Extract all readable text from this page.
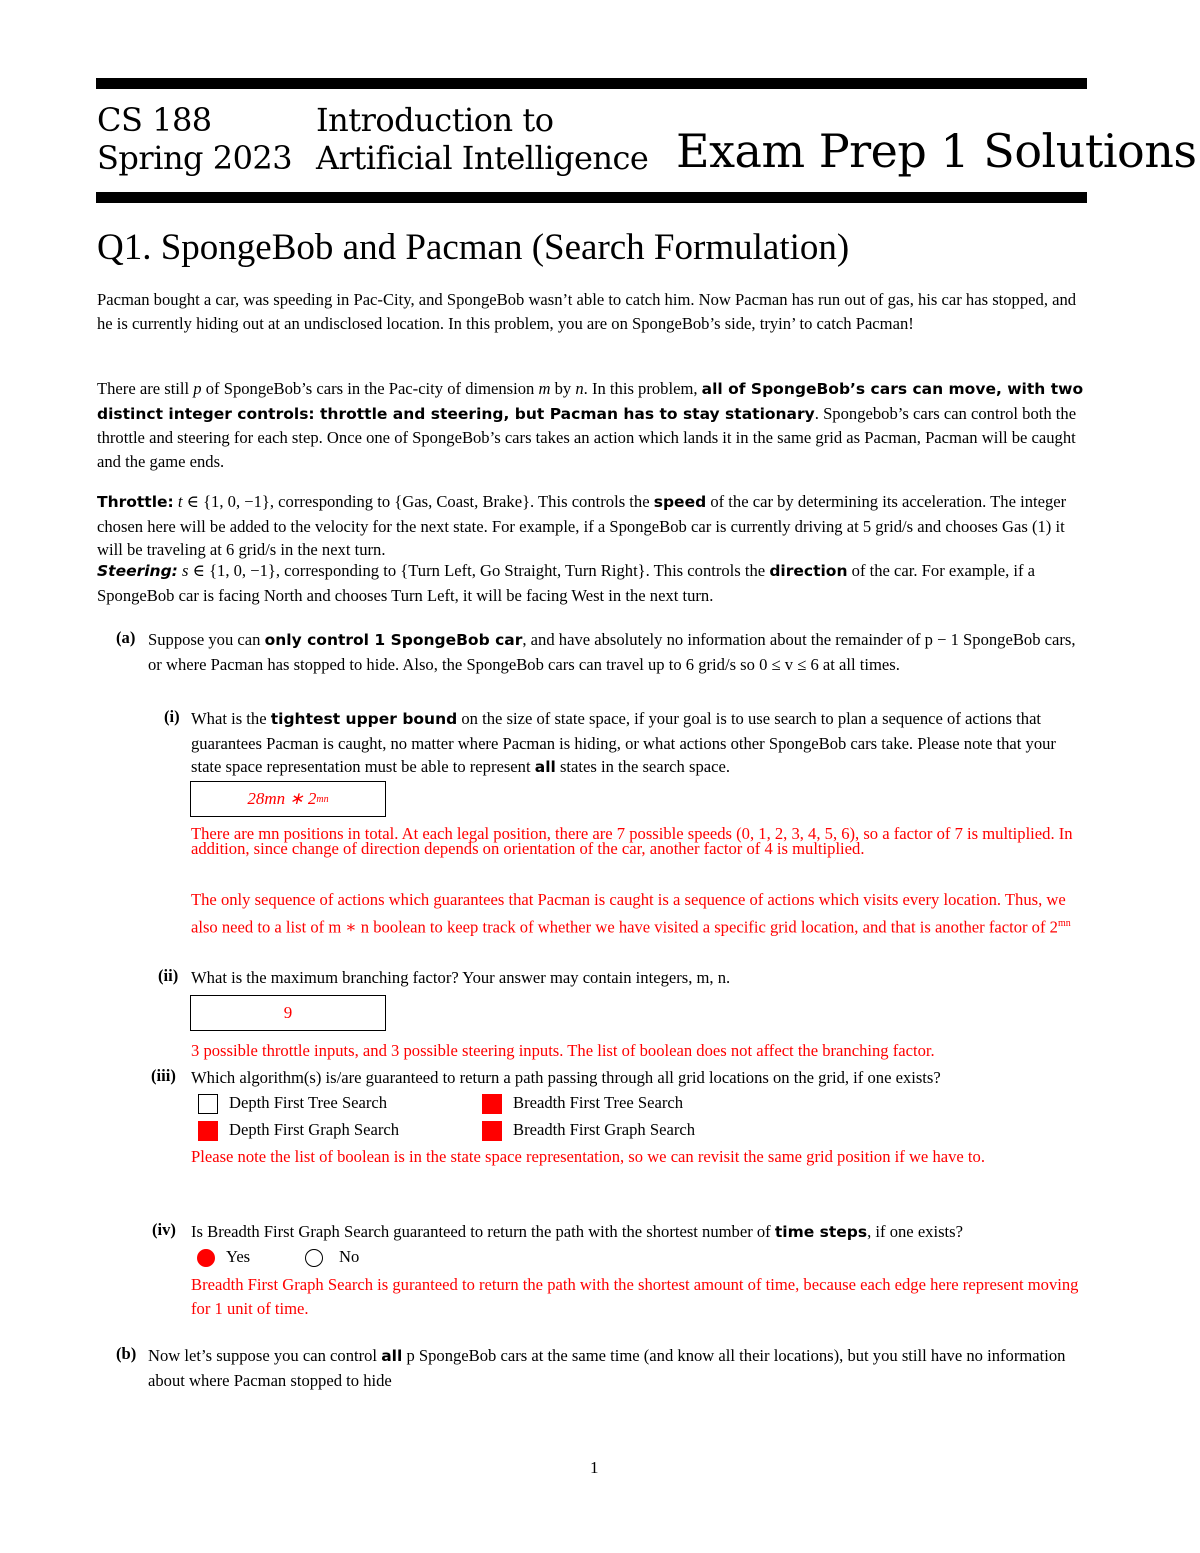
CS 188
Spring 2023
Introduction to
Artificial Intelligence Exam Prep 1 Solutions
Q1. SpongeBob and Pacman (Search Formulation)
Pacman bought a car, was speeding in Pac-City, and SpongeBob wasn’t able to catch him. Now Pacman has run out of gas, his car has stopped, and he is currently hiding out at an undisclosed location. In this problem, you are on SpongeBob’s side, tryin’ to catch Pacman!
There are still p of SpongeBob’s cars in the Pac-city of dimension m by n. In this problem, all of SpongeBob’s cars can move, with two distinct integer controls: throttle and steering, but Pacman has to stay stationary. Spongebob’s cars can control both the throttle and steering for each step. Once one of SpongeBob’s cars takes an action which lands it in the same grid as Pacman, Pacman will be caught and the game ends.
Throttle: t ∈ {1, 0, −1}, corresponding to {Gas, Coast, Brake}. This controls the speed of the car by determining its acceleration. The integer chosen here will be added to the velocity for the next state. For example, if a SpongeBob car is currently driving at 5 grid/s and chooses Gas (1) it will be traveling at 6 grid/s in the next turn.
Steering: s ∈ {1, 0, −1}, corresponding to {Turn Left, Go Straight, Turn Right}. This controls the direction of the car. For example, if a SpongeBob car is facing North and chooses Turn Left, it will be facing West in the next turn.
(a) Suppose you can only control 1 SpongeBob car, and have absolutely no information about the remainder of p − 1 SpongeBob cars, or where Pacman has stopped to hide. Also, the SpongeBob cars can travel up to 6 grid/s so 0 ≤ v ≤ 6 at all times.
(i) What is the tightest upper bound on the size of state space, if your goal is to use search to plan a sequence of actions that guarantees Pacman is caught, no matter where Pacman is hiding, or what actions other SpongeBob cars take. Please note that your state space representation must be able to represent all states in the search space.
28mn ∗ 2 mn
There are mn positions in total. At each legal position, there are 7 possible speeds (0, 1, 2, 3, 4, 5, 6), so a factor of 7 is multiplied. In addition, since change of direction depends on orientation of the car, another factor of 4 is multiplied.
The only sequence of actions which guarantees that Pacman is caught is a sequence of actions which visits every location. Thus, we also need to a list of m ∗ n boolean to keep track of whether we have visited a specific grid location, and that is another factor of $2^{mn}$
(ii) What is the maximum branching factor? Your answer may contain integers, m, n.
9
3 possible throttle inputs, and 3 possible steering inputs. The list of boolean does not affect the branching factor.
(iii) Which algorithm(s) is/are guaranteed to return a path passing through all grid locations on the grid, if one exists?
Depth First Tree Search	Breadth First Tree Search
Depth First Graph Search	Breadth First Graph Search
Please note the list of boolean is in the state space representation, so we can revisit the same grid position if we have to.
(iv) Is Breadth First Graph Search guaranteed to return the path with the shortest number of time steps, if one exists?
Yes	No
Breadth First Graph Search is guranteed to return the path with the shortest amount of time, because each edge here represent moving for 1 unit of time.
(b) Now let’s suppose you can control all p SpongeBob cars at the same time (and know all their locations), but you still have no information about where Pacman stopped to hide
1
